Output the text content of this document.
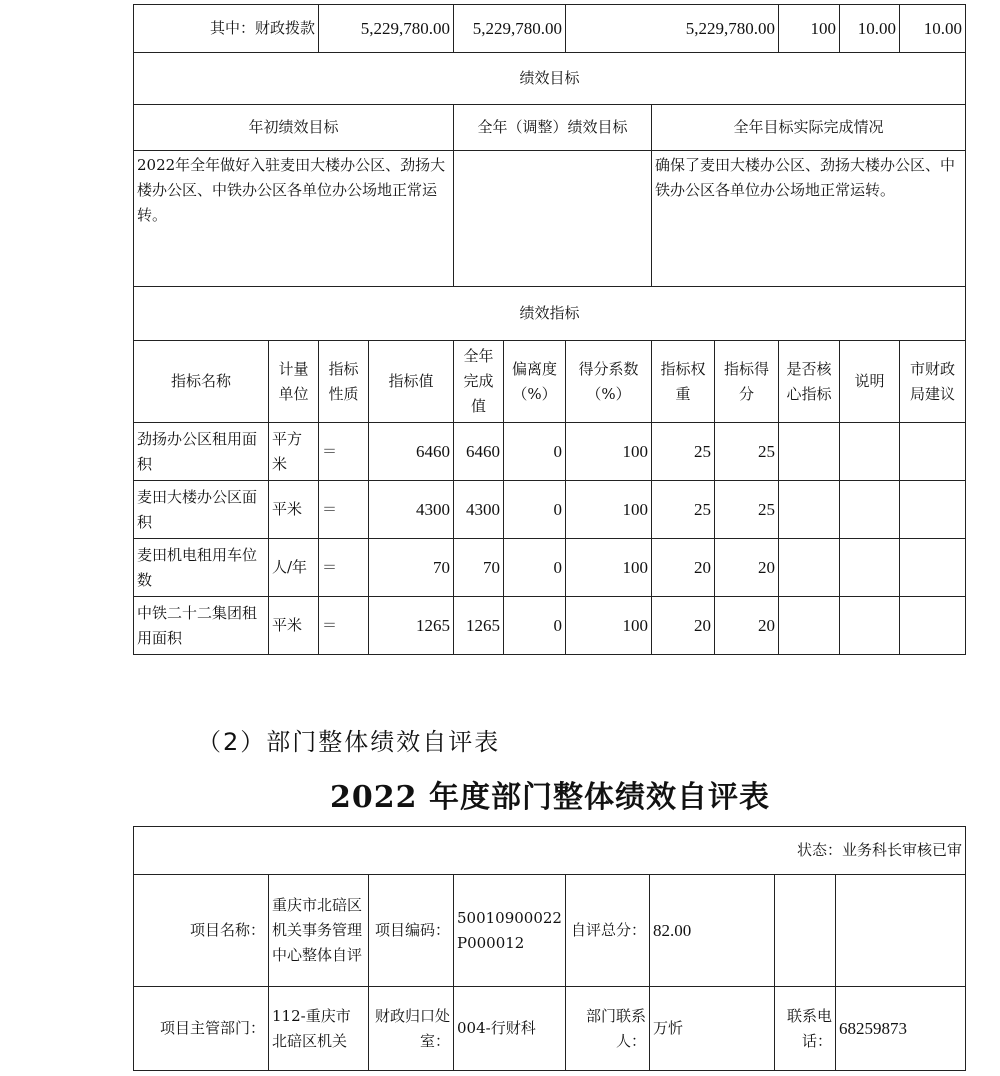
其中：财政拨款		5,229,780.00		5,229,780.00		5,229,780.00			100	10.00	10.00
绩效目标											
年初绩效目标				全年（调整）绩效目标			全年目标实际完成情况				
2022年全年做好入驻麦田大楼办公区、劲扬大楼办公区、中铁办公区各单位办公场地正常运转。							确保了麦田大楼办公区、劲扬大楼办公区、中铁办公区各单位办公场地正常运转。				
绩效指标											
指标名称	计量单位	指标性质	指标值	全年完成值	偏离度（%）	得分系数（%）	指标权重	指标得分	是否核心指标	说明	市财政局建议
劲扬办公区租用面积	平方米	＝	6460	6460	0	100	25	25			
麦田大楼办公区面积	平米	＝	4300	4300	0	100	25	25			
麦田机电租用车位数	人/年	＝	70	70	0	100	20	20			
中铁二十二集团租用面积	平米	＝	1265	1265	0	100	20	20			
（2）部门整体绩效自评表
2022 年度部门整体绩效自评表
状态：业务科长审核已审							
项目名称：	重庆市北碚区机关事务管理中心整体自评	项目编码：	50010900022P000012	自评总分：	82.00		
项目主管部门：	112-重庆市北碚区机关	财政归口处室：	004-行财科	部门联系人：	万忻	联系电话：	68259873
